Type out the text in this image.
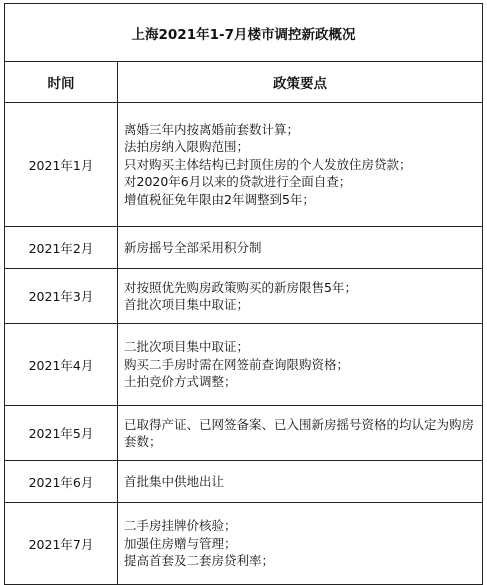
上海2021年1-7月楼市调控新政概况	
时间	政策要点
2021年1月	离婚三年内按离婚前套数计算；
法拍房纳入限购范围；
只对购买主体结构已封顶住房的个人发放住房贷款；
对2020年6月以来的贷款进行全面自查；
增值税征免年限由2年调整到5年；

2021年2月	新房摇号全部采用积分制

2021年3月	对按照优先购房政策购买的新房限售5年；
首批次项目集中取证；

2021年4月	二批次项目集中取证；
购买二手房时需在网签前查询限购资格；
土拍竞价方式调整；

2021年5月	已取得产证、已网签备案、已入围新房摇号资格的均认定为购房套数；

2021年6月	首批集中供地出让

2021年7月	二手房挂牌价核验；
加强住房赠与管理；
提高首套及二套房贷利率；
